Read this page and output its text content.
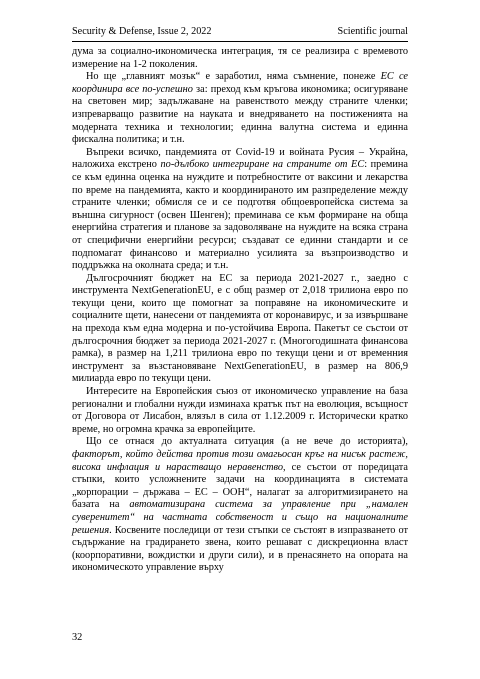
Security & Defense, Issue 2, 2022	Scientific journal

дума за социално-икономическа интеграция, тя се реализира с времевото измерение на 1-2 поколения.

Но ще „главният мозък“ е заработил, няма съмнение, понеже ЕС се координира все по-успешно за: преход към кръгова икономика; осигуряване на световен мир; задължаване на равенството между страните членки; изпреварващо развитие на науката и внедряването на постиженията на модерната техника и технологии; единна валутна система и единна фискална политика; и т.н.

Въпреки всичко, пандемията от Covid-19 и войната Русия – Украйна, наложиха екстрено по-дълбоко интегриране на страните от ЕС: премина се към единна оценка на нуждите и потребностите от ваксини и лекарства по време на пандемията, както и координираното им разпределение между страните членки; обмисля се и се подготвя общоевропейска система за външна сигурност (освен Шенген); преминава се към формиране на обща енергийна стратегия и планове за задоволяване на нуждите на всяка страна от специфични енергийни ресурси; създават се единни стандарти и се подпомагат финансово и материално усилията за възпроизводство и поддръжка на околната среда; и т.н.

Дългосрочният бюджет на ЕС за периода 2021-2027 г., заедно с инструмента NextGenerationEU, е с общ размер от 2,018 трилиона евро по текущи цени, които ще помогнат за поправяне на икономическите и социалните щети, нанесени от пандемията от коронавирус, и за извършване на прехода към една модерна и по-устойчива Европа. Пакетът се състои от дългосрочния бюджет за периода 2021-2027 г. (Многогодишната финансова рамка), в размер на 1,211 трилиона евро по текущи цени и от временния инструмент за възстановяване NextGenerationEU, в размер на 806,9 милиарда евро по текущи цени.

Интересите на Европейския съюз от икономическо управление на база регионални и глобални нужди изминаха кратък път на еволюция, всъщност от Договора от Лисабон, влязъл в сила от 1.12.2009 г. Исторически кратко време, но огромна крачка за европейците.

Що се отнася до актуалната ситуация (а не вече до историята), факторът, който действа против този омагьосан кръг на нисък растеж, висока инфлация и нарастващо неравенство, се състои от поредицата стъпки, които усложнените задачи на координацията в системата „корпорации – държава – ЕС – ООН“, налагат за алгоритмизирането на базата на автоматизирана система за управление при „намален суверенитет“ на частната собственост и също на националните решения. Косвените последици от тези стъпки се състоят в изпразването от съдържание на градирането звена, които решават с дискреционна власт (коорпоративни, вождистки и други сили), и в пренасянето на опората на икономическото управление върху

32
